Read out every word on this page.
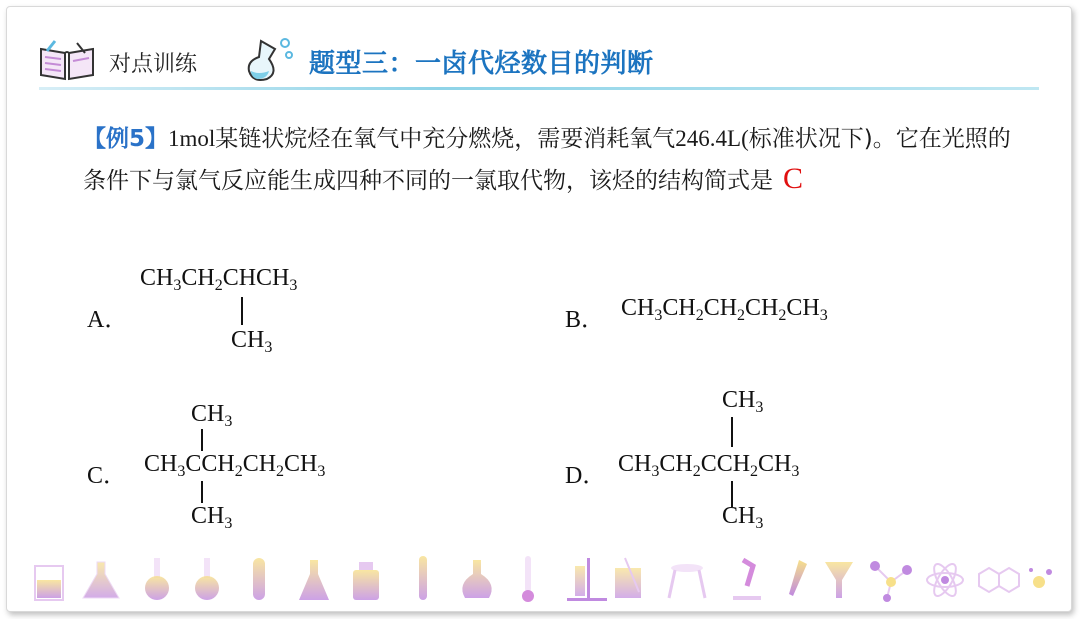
对点训练	题型三：一卤代烃数目的判断
【例5】1mol某链状烷烃在氧气中充分燃烧，需要消耗氧气246.4L(标准状况下)。它在光照的条件下与氯气反应能生成四种不同的一氯取代物，该烃的结构简式是 C
A．
$CH_3CH_2CHCH_3$
$CH_3$
B． $CH_3CH_2CH_2CH_2CH_3$
$CH_3$
C． $CH_3CCH_2CH_2CH_3$
$CH_3$
$CH_3$
D． $CH_3CH_2CCH_2CH_3$
$CH_3$
